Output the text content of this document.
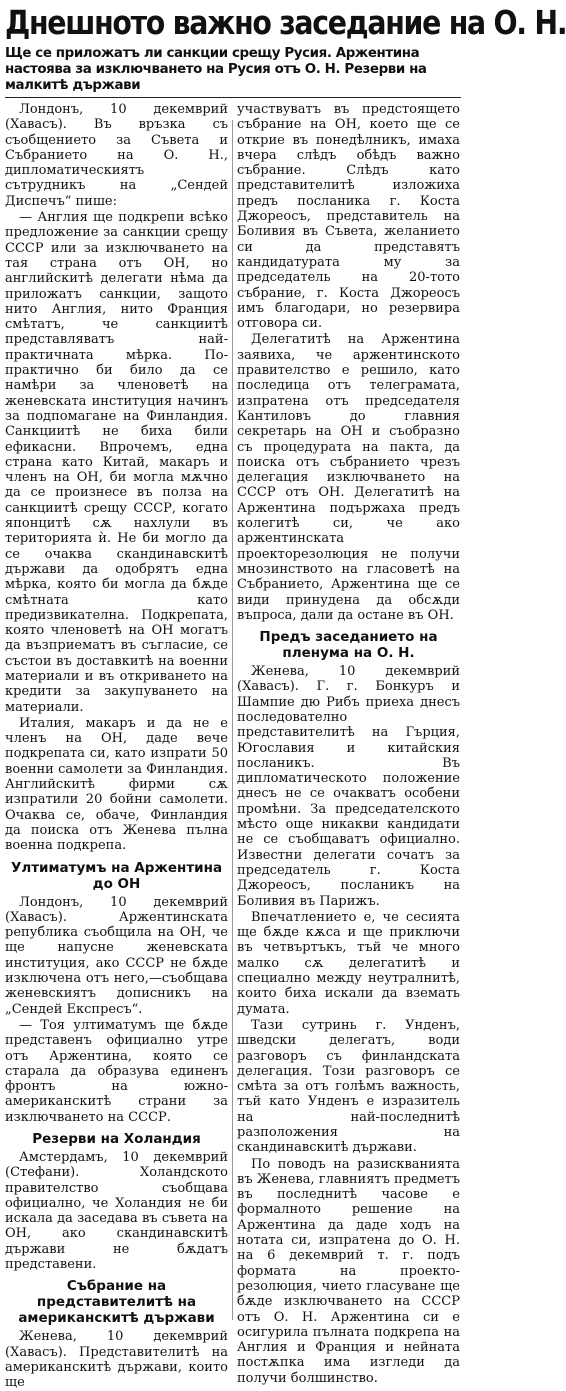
Днешното важно заседание на О. Н.
Ще се приложатъ ли санкции срещу Русия. Аржентина настоява за изключването на Русия отъ О. Н. Резерви на малкитѣ държави

Лондонъ, 10 декемврий (Хавасъ). Въ връзка съ съобщението за Съвета и Събранието на О. Н., дипломатическиятъ сътрудникъ на „Сендей Диспечъ“ пише:

— Англия ще подкрепи всѣко предложение за санкции срещу СССР или за изключването на тая страна отъ ОН, но английскитѣ делегати нѣма да приложатъ санкции, защото нито Англия, нито Франция смѣтатъ, че санкциитѣ представляватъ най-практичната мѣрка. По-практично би било да се намѣри за членоветѣ на женевската институция начинъ за подпомагане на Финландия. Санкциитѣ не биха били ефикасни. Впрочемъ, една страна като Китай, макаръ и членъ на ОН, би могла мѫчно да се произнесе въ полза на санкциитѣ срещу СССР, когато японцитѣ сѫ нахлули въ територията ѝ. Не би могло да се очаква скандинавскитѣ държави да одобрятъ една мѣрка, която би могла да бѫде смѣтната като предизвикателна. Подкрепата, която членоветѣ на ОН могатъ да възприематъ въ съгласие, се състои въ доставкитѣ на военни материали и въ откриването на кредити за закупуването на материали.

Италия, макаръ и да не е членъ на ОН, даде вече подкрепата си, като изпрати 50 военни самолети за Финландия. Английскитѣ фирми сѫ изпратили 20 бойни самолети. Очаква се, обаче, Финландия да поиска отъ Женева пълна военна подкрепа.

Ултиматумъ на Аржентина до ОН

Лондонъ, 10 декемврий (Хавасъ). Аржентинската република съобщила на ОН, че ще напусне женевската институция, ако СССР не бѫде изключена отъ него,—съобщава женевскиятъ дописникъ на „Сендей Експресъ“.

— Тоя ултиматумъ ще бѫде представенъ официално утре отъ Аржентина, която се старала да образува единенъ фронтъ на южно-американскитѣ страни за изключването на СССР.

Резерви на Холандия

Амстердамъ, 10 декемврий (Стефани). Холандското правителство съобщава официално, че Холандия не би искала да заседава въ съвета на ОН, ако скандинавскитѣ държави не бѫдатъ представени.

Събрание на представителитѣ на американскитѣ държави

Женева, 10 декемврий (Хавасъ). Представителитѣ на американскитѣ държави, които ще

участвуватъ въ предстоящето събрание на ОН, което ще се открие въ понедѣлникъ, имаха вчера слѣдъ обѣдъ важно събрание. Слѣдъ като представителитѣ изложиха предъ посланика г. Коста Джореосъ, представитель на Боливия въ Съвета, желанието си да представятъ кандидатурата му за председатель на 20-тото събрание, г. Коста Джореосъ имъ благодари, но резервира отговора си.

Делегатитѣ на Аржентина заявиха, че аржентинското правителство е решило, като последица отъ телеграмата, изпратена отъ председателя Кантиловъ до главния секретарь на ОН и съобразно съ процедурата на пакта, да поиска отъ събранието чрезъ делегация изключването на СССР отъ ОН. Делегатитѣ на Аржентина подържаха предъ колегитѣ си, че ако аржентинската проекторезолюция не получи мнозинството на гласоветѣ на Събранието, Аржентина ще се види принудена да обсѫди въпроса, дали да остане въ ОН.

Предъ заседанието на пленума на О. Н.

Женева, 10 декемврий (Хавасъ). Г. г. Бонкуръ и Шампие дю Рибъ приеха днесъ последователно представителитѣ на Гърция, Югославия и китайския посланикъ. Въ дипломатическото положение днесъ не се очакватъ особени промѣни. За председателското мѣсто още никакви кандидати не се съобщаватъ официално. Известни делегати сочатъ за председатель г. Коста Джореосъ, посланикъ на Боливия въ Парижъ.

Впечатлението е, че сесията ще бѫде кѫса и ще приключи въ четвъртъкъ, тъй че много малко сѫ делегатитѣ и специално между неутралнитѣ, които биха искали да вземать думата.

Тази сутринь г. Унденъ, шведски делегатъ, води разговоръ съ финландската делегация. Този разговоръ се смѣта за отъ голѣмъ важность, тъй като Унденъ е изразитель на най-последнитѣ разположения на скандинавскитѣ държави.

По поводъ на разискванията въ Женева, главниятъ предметъ въ последнитѣ часове е формалното решение на Аржентина да даде ходъ на нотата си, изпратена до О. Н. на 6 декемврий т. г. подъ формата на проекто-резолюция, чието гласуване ще бѫде изключването на СССР отъ О. Н. Аржентина си е осигурила пълната подкрепа на Англия и Франция и нейната постѫпка има изгледи да получи болшинство.
